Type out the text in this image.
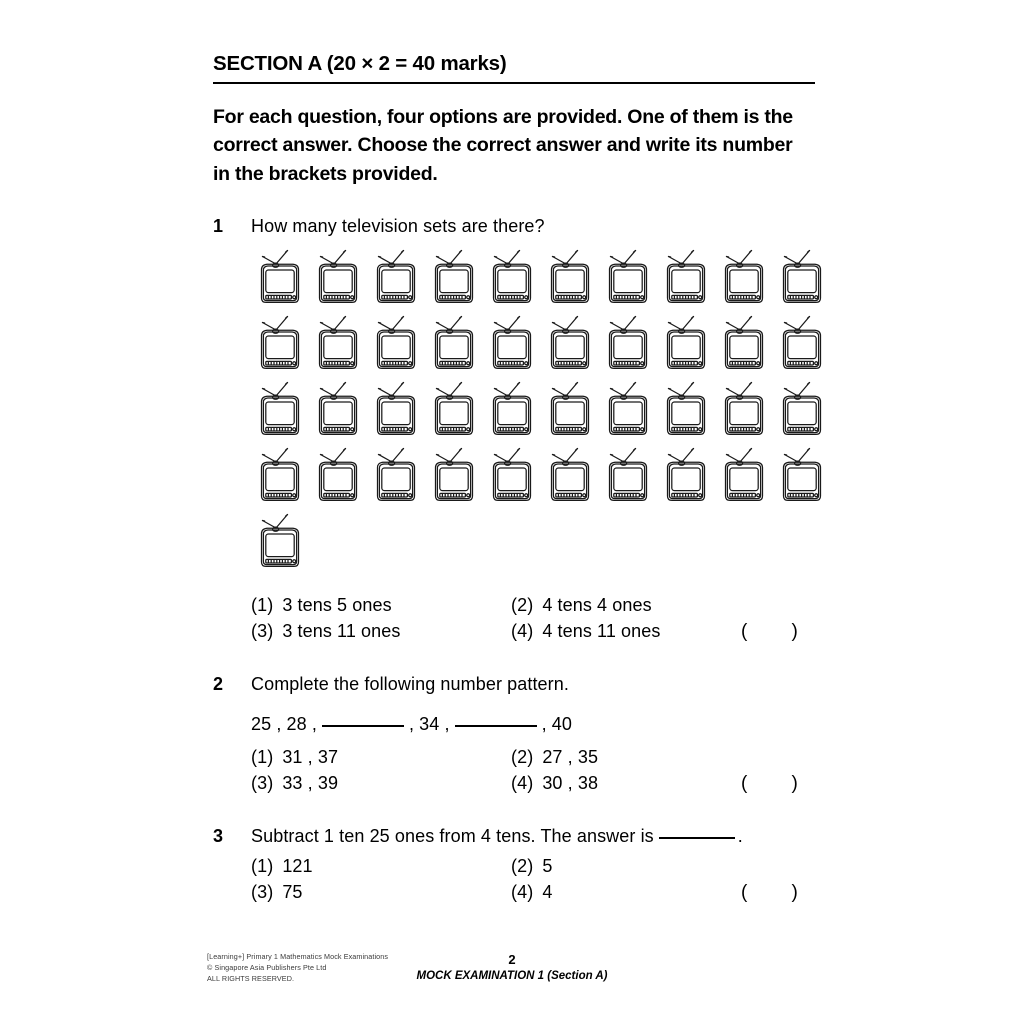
SECTION A (20 × 2 = 40 marks)
For each question, four options are provided. One of them is the correct answer. Choose the correct answer and write its number in the brackets provided.
1	How many television sets are there?
(1) 3 tens 5 ones	(2) 4 tens 4 ones
(3) 3 tens 11 ones	(4) 4 tens 11 ones	( )
2	Complete the following number pattern.
25 , 28 ,	, 34 ,	, 40
(1) 31 , 37	(2) 27 , 35
(3) 33 , 39	(4) 30 , 38	( )
3	Subtract 1 ten 25 ones from 4 tens. The answer is	.
(1) 121	(2) 5
(3) 75	(4) 4	( )
[Learning+] Primary 1 Mathematics Mock Examinations
© Singapore Asia Publishers Pte Ltd
ALL RIGHTS RESERVED.
2
MOCK EXAMINATION 1 (Section A)
